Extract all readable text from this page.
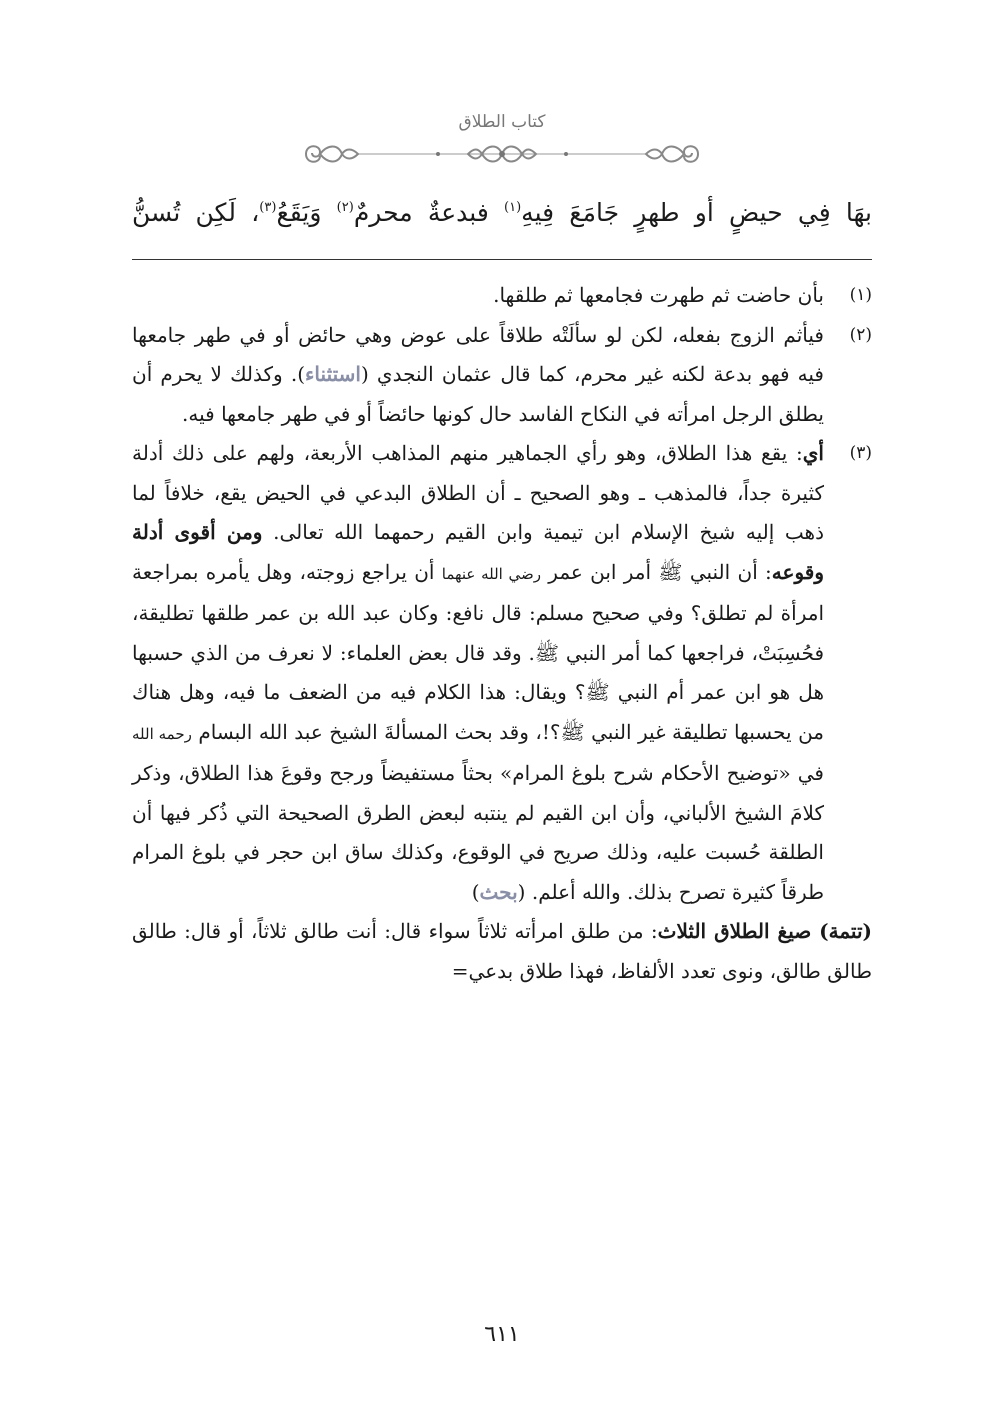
كتاب الطلاق
بهَا فِي حيضٍ أو طهرٍ جَامَعَ فِيهِ$^{(١)}$ فبدعةٌ محرمٌ$^{(٢)}$ وَيَقَعُ$^{(٣)}$، لَكِن تُسنُّ
(١)
بأن حاضت ثم طهرت فجامعها ثم طلقها.
(٢)
فيأثم الزوج بفعله، لكن لو سألَتْه طلاقاً على عوض وهي حائض أو في طهر جامعها فيه فهو بدعة لكنه غير محرم، كما قال عثمان النجدي (استثناء). وكذلك لا يحرم أن يطلق الرجل امرأته في النكاح الفاسد حال كونها حائضاً أو في طهر جامعها فيه.
(٣)
أي: يقع هذا الطلاق، وهو رأي الجماهير منهم المذاهب الأربعة، ولهم على ذلك أدلة كثيرة جداً، فالمذهب ـ وهو الصحيح ـ أن الطلاق البدعي في الحيض يقع، خلافاً لما ذهب إليه شيخ الإسلام ابن تيمية وابن القيم رحمهما الله تعالى. ومن أقوى أدلة وقوعه: أن النبي ﷺ أمر ابن عمر رضي الله عنهما أن يراجع زوجته، وهل يأمره بمراجعة امرأة لم تطلق؟ وفي صحيح مسلم: قال نافع: وكان عبد الله بن عمر طلقها تطليقة، فحُسِبَتْ، فراجعها كما أمر النبي ﷺ. وقد قال بعض العلماء: لا نعرف من الذي حسبها هل هو ابن عمر أم النبي ﷺ؟ ويقال: هذا الكلام فيه من الضعف ما فيه، وهل هناك من يحسبها تطليقة غير النبي ﷺ؟!، وقد بحث المسألةَ الشيخ عبد الله البسام رحمه الله في «توضيح الأحكام شرح بلوغ المرام» بحثاً مستفيضاً ورجح وقوعَ هذا الطلاق، وذكر كلامَ الشيخ الألباني، وأن ابن القيم لم ينتبه لبعض الطرق الصحيحة التي ذُكر فيها أن الطلقة حُسبت عليه، وذلك صريح في الوقوع، وكذلك ساق ابن حجر في بلوغ المرام طرقاً كثيرة تصرح بذلك. والله أعلم. (بحث)
(تتمة) صيغ الطلاق الثلاث: من طلق امرأته ثلاثاً سواء قال: أنت طالق ثلاثاً، أو قال: طالق طالق طالق، ونوى تعدد الألفاظ، فهذا طلاق بدعي=
٦١١
